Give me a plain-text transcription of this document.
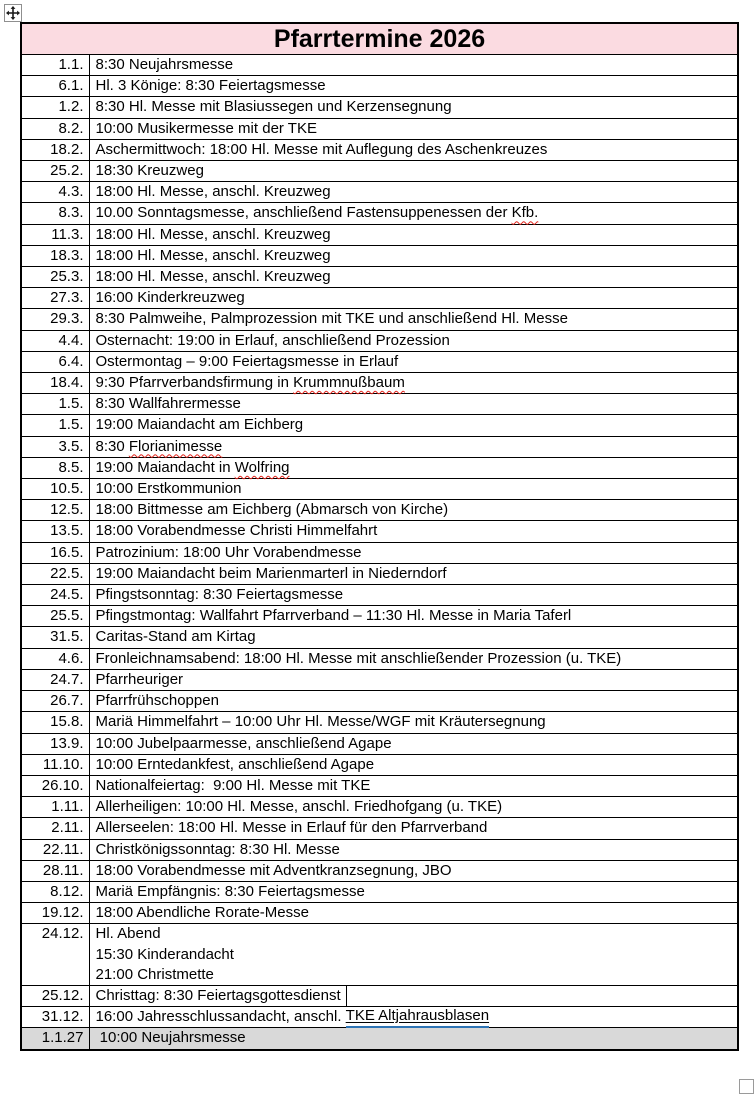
Pfarrtermine 2026	
1.1.	8:30 Neujahrsmesse

6.1.	Hl. 3 Könige: 8:30 Feiertagsmesse

1.2.	8:30 Hl. Messe mit Blasiussegen und Kerzensegnung

8.2.	10:00 Musikermesse mit der TKE

18.2.	Aschermittwoch: 18:00 Hl. Messe mit Auflegung des Aschenkreuzes

25.2.	18:30 Kreuzweg

4.3.	18:00 Hl. Messe, anschl. Kreuzweg

8.3.	10.00 Sonntagsmesse, anschließend Fastensuppenessen der Kfb.

11.3.	18:00 Hl. Messe, anschl. Kreuzweg

18.3.	18:00 Hl. Messe, anschl. Kreuzweg

25.3.	18:00 Hl. Messe, anschl. Kreuzweg

27.3.	16:00 Kinderkreuzweg

29.3.	8:30 Palmweihe, Palmprozession mit TKE und anschließend Hl. Messe

4.4.	Osternacht: 19:00 in Erlauf, anschließend Prozession

6.4.	Ostermontag – 9:00 Feiertagsmesse in Erlauf

18.4.	9:30 Pfarrverbandsfirmung in Krummnußbaum

1.5.	8:30 Wallfahrermesse

1.5.	19:00 Maiandacht am Eichberg

3.5.	8:30 Florianimesse

8.5.	19:00 Maiandacht in Wolfring

10.5.	10:00 Erstkommunion

12.5.	18:00 Bittmesse am Eichberg (Abmarsch von Kirche)

13.5.	18:00 Vorabendmesse Christi Himmelfahrt

16.5.	Patrozinium: 18:00 Uhr Vorabendmesse

22.5.	19:00 Maiandacht beim Marienmarterl in Niederndorf

24.5.	Pfingstsonntag: 8:30 Feiertagsmesse

25.5.	Pfingstmontag: Wallfahrt Pfarrverband – 11:30 Hl. Messe in Maria Taferl

31.5.	Caritas-Stand am Kirtag

4.6.	Fronleichnamsabend: 18:00 Hl. Messe mit anschließender Prozession (u. TKE)

24.7.	Pfarrheuriger

26.7.	Pfarrfrühschoppen

15.8.	Mariä Himmelfahrt – 10:00 Uhr Hl. Messe/WGF mit Kräutersegnung

13.9.	10:00 Jubelpaarmesse, anschließend Agape

11.10.	10:00 Erntedankfest, anschließend Agape

26.10.	Nationalfeiertag:  9:00 Hl. Messe mit TKE

1.11.	Allerheiligen: 10:00 Hl. Messe, anschl. Friedhofgang (u. TKE)

2.11.	Allerseelen: 18:00 Hl. Messe in Erlauf für den Pfarrverband

22.11.	Christkönigssonntag: 8:30 Hl. Messe

28.11.	18:00 Vorabendmesse mit Adventkranzsegnung, JBO

8.12.	Mariä Empfängnis: 8:30 Feiertagsmesse

19.12.	18:00 Abendliche Rorate-Messe

24.12.	Hl. Abend
15:30 Kinderandacht
21:00 Christmette

25.12.	Christtag: 8:30 Feiertagsgottesdienst

31.12.	16:00 Jahresschlussandacht, anschl. TKE Altjahrausblasen

1.1.27	10:00 Neujahrsmesse
